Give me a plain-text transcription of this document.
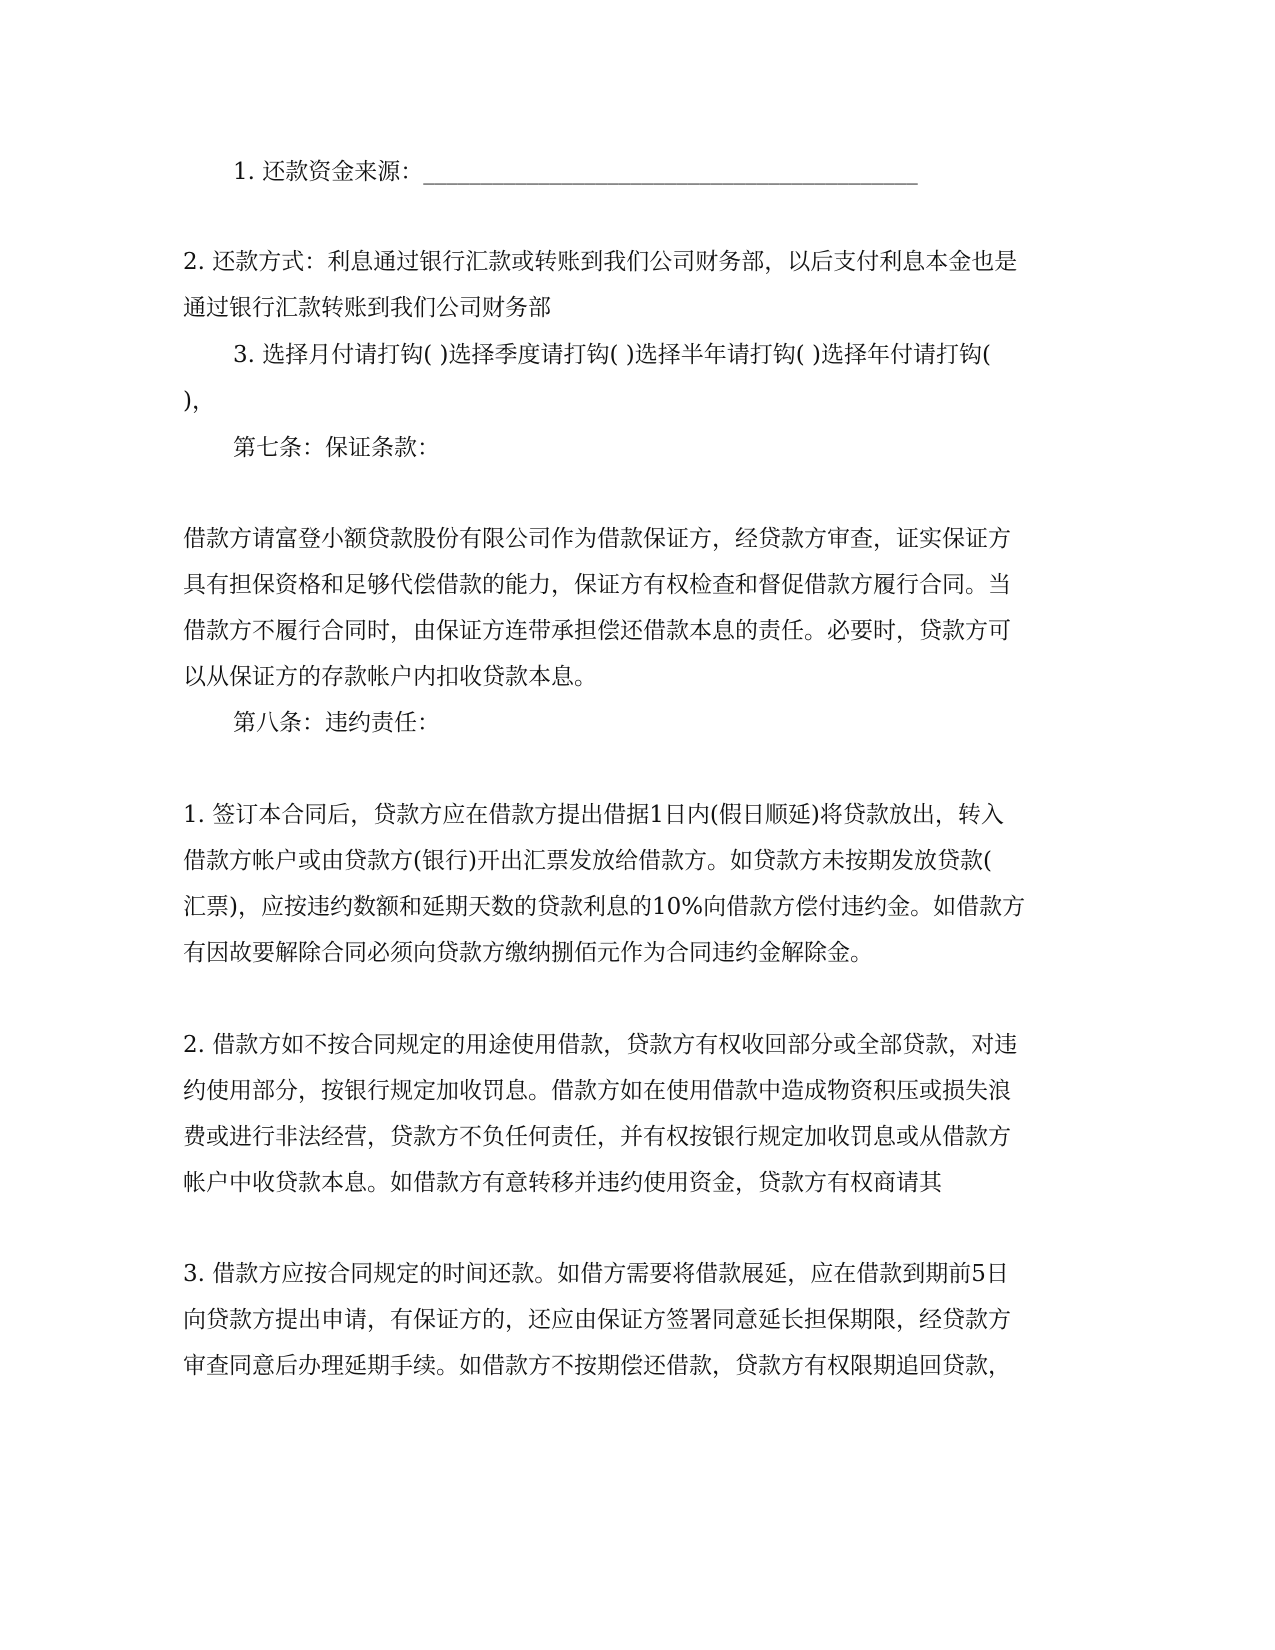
1. 还款资金来源：___________________________________________
2. 还款方式：利息通过银行汇款或转账到我们公司财务部，以后支付利息本金也是
通过银行汇款转账到我们公司财务部
3. 选择月付请打钩( )选择季度请打钩( )选择半年请打钩( )选择年付请打钩(
)，
第七条：保证条款：
借款方请富登小额贷款股份有限公司作为借款保证方，经贷款方审查，证实保证方
具有担保资格和足够代偿借款的能力，保证方有权检查和督促借款方履行合同。当
借款方不履行合同时，由保证方连带承担偿还借款本息的责任。必要时，贷款方可
以从保证方的存款帐户内扣收贷款本息。
第八条：违约责任：
1. 签订本合同后，贷款方应在借款方提出借据1日内(假日顺延)将贷款放出，转入
借款方帐户或由贷款方(银行)开出汇票发放给借款方。如贷款方未按期发放贷款(
汇票)，应按违约数额和延期天数的贷款利息的10%向借款方偿付违约金。如借款方
有因故要解除合同必须向贷款方缴纳捌佰元作为合同违约金解除金。
2. 借款方如不按合同规定的用途使用借款，贷款方有权收回部分或全部贷款，对违
约使用部分，按银行规定加收罚息。借款方如在使用借款中造成物资积压或损失浪
费或进行非法经营，贷款方不负任何责任，并有权按银行规定加收罚息或从借款方
帐户中收贷款本息。如借款方有意转移并违约使用资金，贷款方有权商请其
3. 借款方应按合同规定的时间还款。如借方需要将借款展延，应在借款到期前5日
向贷款方提出申请，有保证方的，还应由保证方签署同意延长担保期限，经贷款方
审查同意后办理延期手续。如借款方不按期偿还借款，贷款方有权限期追回贷款，
